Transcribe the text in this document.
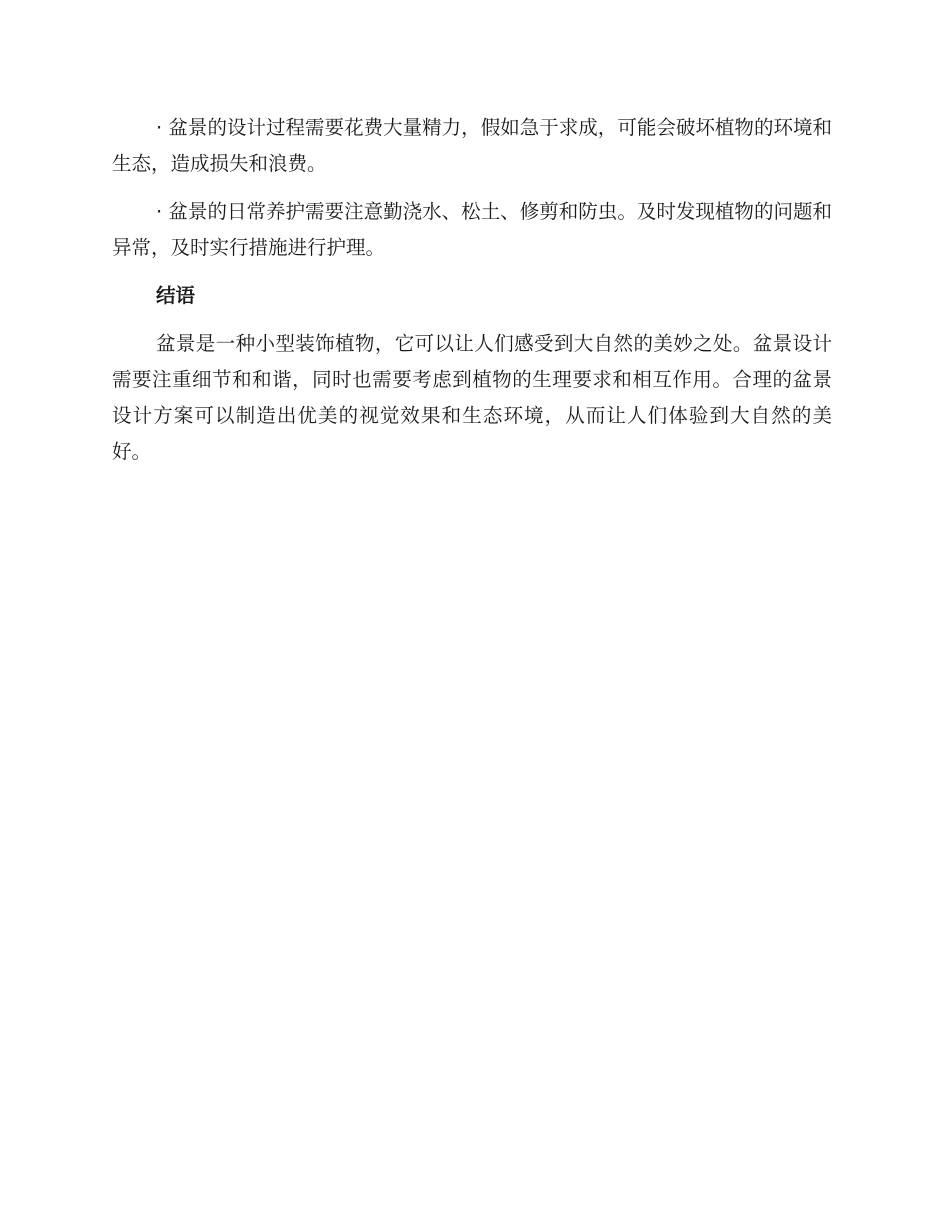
· 盆景的设计过程需要花费大量精力，假如急于求成，可能会破坏植物的环境和生态，造成损失和浪费。

· 盆景的日常养护需要注意勤浇水、松土、修剪和防虫。及时发现植物的问题和异常，及时实行措施进行护理。

结语

盆景是一种小型装饰植物，它可以让人们感受到大自然的美妙之处。盆景设计需要注重细节和和谐，同时也需要考虑到植物的生理要求和相互作用。合理的盆景设计方案可以制造出优美的视觉效果和生态环境，从而让人们体验到大自然的美好。
